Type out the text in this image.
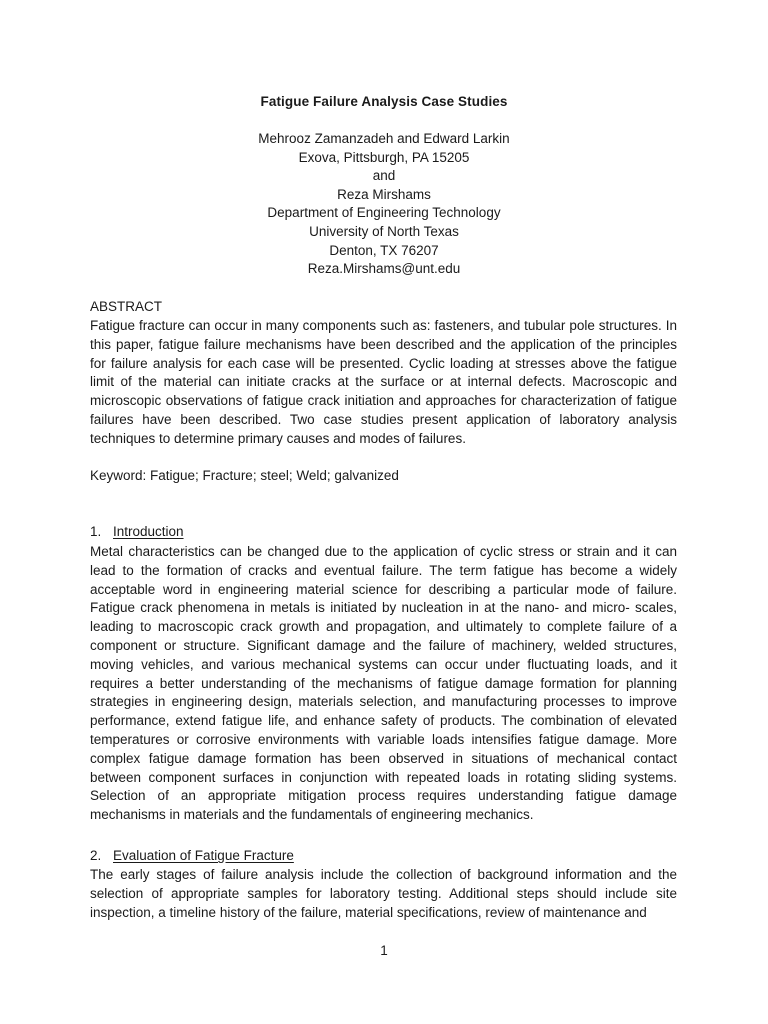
Fatigue Failure Analysis Case Studies
Mehrooz Zamanzadeh and Edward Larkin
Exova, Pittsburgh, PA 15205
and
Reza Mirshams
Department of Engineering Technology
University of North Texas
Denton, TX 76207
Reza.Mirshams@unt.edu
ABSTRACT

Fatigue fracture can occur in many components such as: fasteners, and tubular pole structures. In this paper, fatigue failure mechanisms have been described and the application of the principles for failure analysis for each case will be presented. Cyclic loading at stresses above the fatigue limit of the material can initiate cracks at the surface or at internal defects. Macroscopic and microscopic observations of fatigue crack initiation and approaches for characterization of fatigue failures have been described. Two case studies present application of laboratory analysis techniques to determine primary causes and modes of failures.

Keyword: Fatigue; Fracture; steel; Weld; galvanized
1. Introduction

Metal characteristics can be changed due to the application of cyclic stress or strain and it can lead to the formation of cracks and eventual failure. The term fatigue has become a widely acceptable word in engineering material science for describing a particular mode of failure. Fatigue crack phenomena in metals is initiated by nucleation in at the nano- and micro- scales, leading to macroscopic crack growth and propagation, and ultimately to complete failure of a component or structure. Significant damage and the failure of machinery, welded structures, moving vehicles, and various mechanical systems can occur under fluctuating loads, and it requires a better understanding of the mechanisms of fatigue damage formation for planning strategies in engineering design, materials selection, and manufacturing processes to improve performance, extend fatigue life, and enhance safety of products. The combination of elevated temperatures or corrosive environments with variable loads intensifies fatigue damage. More complex fatigue damage formation has been observed in situations of mechanical contact between component surfaces in conjunction with repeated loads in rotating sliding systems. Selection of an appropriate mitigation process requires understanding fatigue damage mechanisms in materials and the fundamentals of engineering mechanics.

2. Evaluation of Fatigue Fracture

The early stages of failure analysis include the collection of background information and the selection of appropriate samples for laboratory testing. Additional steps should include site inspection, a timeline history of the failure, material specifications, review of maintenance and

1
